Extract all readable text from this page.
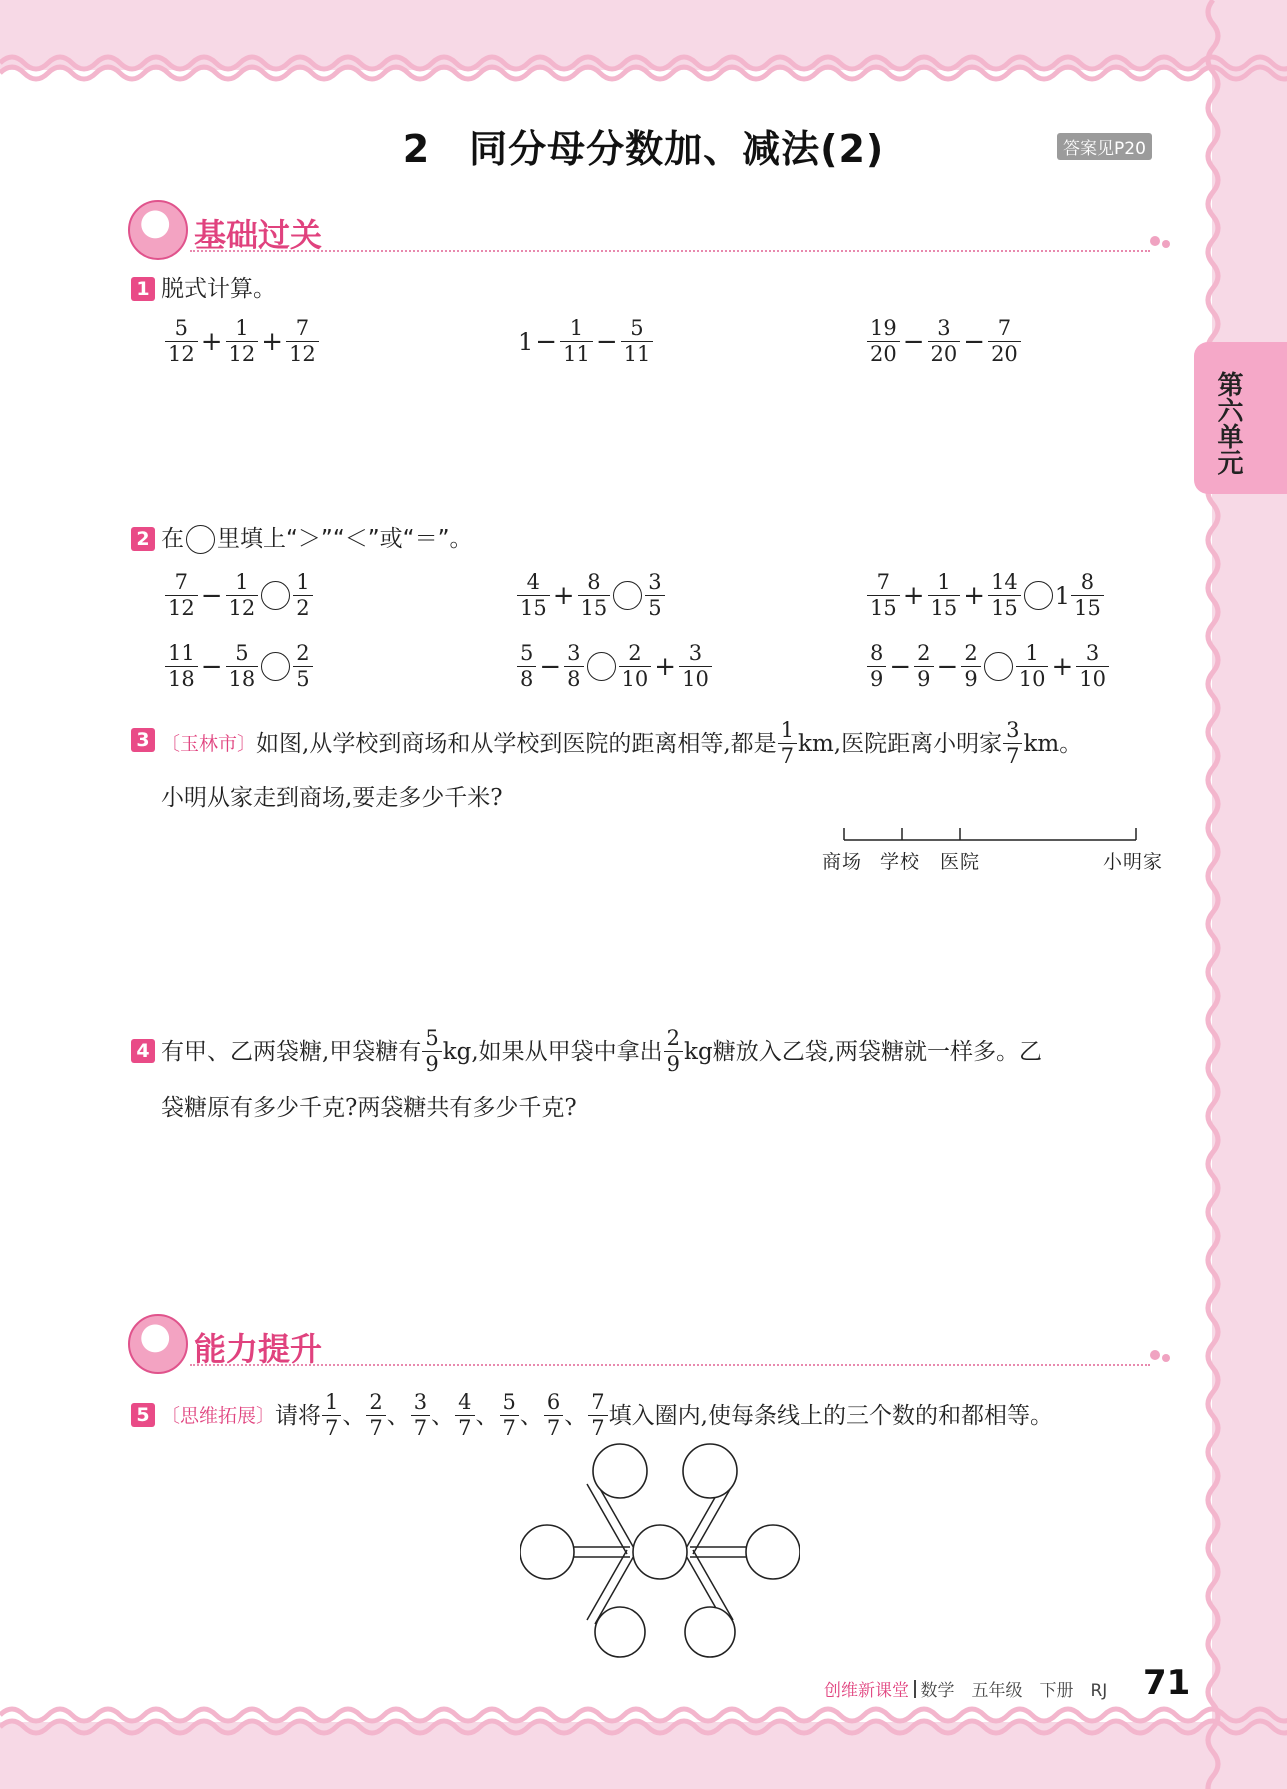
2　同分母分数加、减法(2)	答案见P20
第六单元
基础过关
1 脱式计算。
$\frac{5}{12} + \frac{1}{12} + \frac{7}{12}$	$1 - \frac{1}{11} - \frac{5}{11}$	$\frac{19}{20} - \frac{3}{20} - \frac{7}{20}$
2 在 里填上“＞”“＜”或“＝”。
$\frac{7}{12} - \frac{1}{12} \frac{1}{2}$	$\frac{4}{15} + \frac{8}{15} \frac{3}{5}$	$\frac{7}{15} + \frac{1}{15} + \frac{14}{15} 1 \frac{8}{15}$
$\frac{11}{18} - \frac{5}{18} \frac{2}{5}$	$\frac{5}{8} - \frac{3}{8} \frac{2}{10} + \frac{3}{10}$	$\frac{8}{9} - \frac{2}{9} - \frac{2}{9} \frac{1}{10} + \frac{3}{10}$
3 〔玉林市〕 如图,从学校到商场和从学校到医院的距离相等,都是 $\frac{1}{7}$ km,医院距离小明家 $\frac{3}{7}$ km。
小明从家走到商场,要走多少千米?
商场 学校 医院	小明家
4 有甲、乙两袋糖,甲袋糖有 $\frac{5}{9}$ kg,如果从甲袋中拿出 $\frac{2}{9}$ kg糖放入乙袋,两袋糖就一样多。乙
袋糖原有多少千克?两袋糖共有多少千克?
能力提升
5 〔思维拓展〕 请将 $\frac{1}{7}$ 、 $\frac{2}{7}$ 、 $\frac{3}{7}$ 、 $\frac{4}{7}$ 、 $\frac{5}{7}$ 、 $\frac{6}{7}$ 、 $\frac{7}{7}$ 填入圈内,使每条线上的三个数的和都相等。
创维新课堂 数学　五年级　下册　RJ 71
